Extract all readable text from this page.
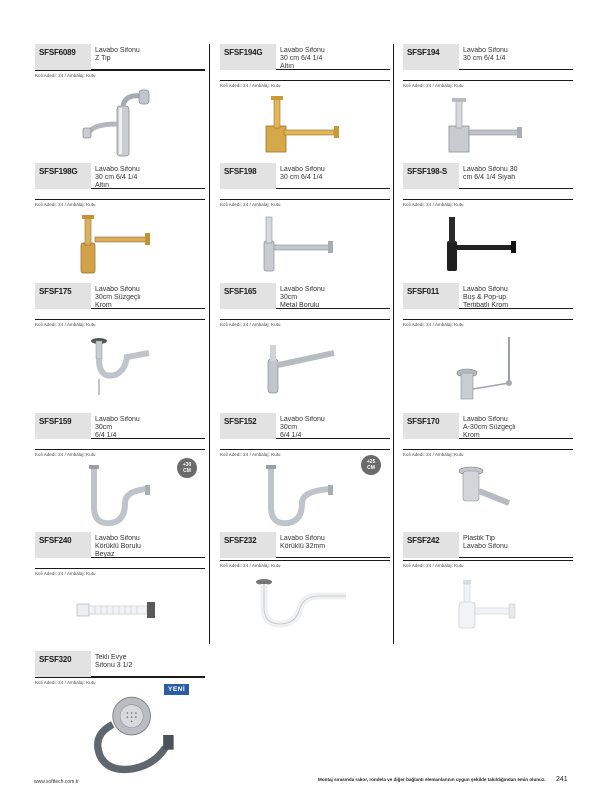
SFSF6089	Lavabo Sifonu
Z Tip
Koli Adedi: 24 / Ambalaj: Kutu
SFSF194G	Lavabo Sifonu
30 cm 6/4 1/4
Altın
Koli Adedi: 24 / Ambalaj: Kutu
SFSF194	Lavabo Sifonu
30 cm 6/4 1/4
Koli Adedi: 24 / Ambalaj: Kutu
SFSF198G	Lavabo Sifonu
30 cm 6/4 1/4
Altın
Koli Adedi: 24 / Ambalaj: Kutu
SFSF198	Lavabo Sifonu
30 cm 6/4 1/4
Koli Adedi: 24 / Ambalaj: Kutu
SFSF198-S	Lavabo Sifonu 30
cm 6/4 1/4 Siyah
Koli Adedi: 24 / Ambalaj: Kutu
SFSF175	Lavabo Sifonu
30cm Süzgeçli
Krom
Koli Adedi: 24 / Ambalaj: Kutu
SFSF165	Lavabo Sifonu
30cm
Metal Borulu
Koli Adedi: 24 / Ambalaj: Kutu
SFSF011	Lavabo Sifonu
Buş & Pop-up
Tertibatlı Krom
Koli Adedi: 24 / Ambalaj: Kutu
SFSF159	Lavabo Sifonu
30cm
6/4 1/4
Koli Adedi: 24 / Ambalaj: Kutu
+30
CM
SFSF152	Lavabo Sifonu
30cm
6/4 1/4
Koli Adedi: 24 / Ambalaj: Kutu
+25
CM
SFSF170	Lavabo Sifonu
A-30cm Süzgeçli
Krom
Koli Adedi: 24 / Ambalaj: Kutu
SFSF240	Lavabo Sifonu
Körüklü Borulu
Beyaz
Koli Adedi: 24 / Ambalaj: Kutu
SFSF232	Lavabo Sifonu
Körüklü 32mm
Koli Adedi: 24 / Ambalaj: Kutu
SFSF242	Plastik Tip
Lavabo Sifonu
Koli Adedi: 24 / Ambalaj: Kutu
SFSF320	Tekli Evye
Sifonu 3 1/2
Koli Adedi: 24 / Ambalaj: Kutu
YENİ
www.softtech.com.tr	Montaj sırasında rakor, rondela ve diğer bağlantı elemanlarının uygun şekilde takıldığından emin olunuz. 241
